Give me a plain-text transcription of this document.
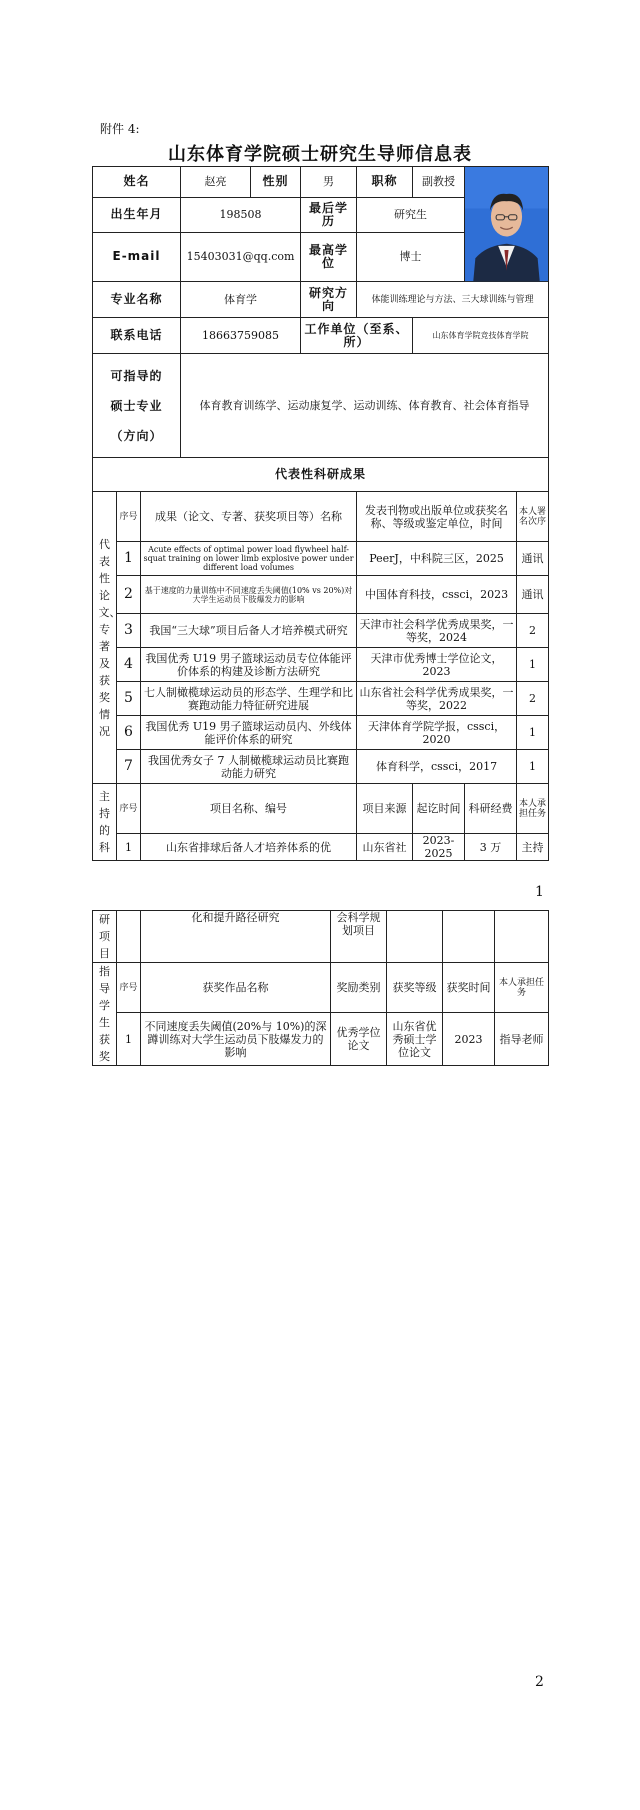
附件 4:
山东体育学院硕士研究生导师信息表
姓名			赵亮	性别	男	职称	副教授	

出生年月			198508		最后学历	研究生			
E-mail			15403031@qq.com		最高学位	博士			
专业名称			体育学		研究方向	体能训练理论与方法、三大球训练与管理			
联系电话			18663759085		工作单位（至系、所）		山东体育学院竞技体育学院		

可指导的
硕士专业
（方向）			体育教育训练学、运动康复学、运动训练、体育教育、社会体育指导						
代表性科研成果									

代表性论文、专著及获奖情况	序号	成果（论文、专著、获奖项目等）名称				发表刊物或出版单位或获奖名称、等级或鉴定单位，时间			本人署名次序
	1	Acute effects of optimal power load flywheel half-squat training on lower limb explosive power under different load volumes				PeerJ，中科院三区，2025			通讯
	2	基于速度的力量训练中不同速度丢失阈值(10% vs 20%)对大学生运动员下肢爆发力的影响				中国体育科技，cssci，2023			通讯
	3	我国“三大球”项目后备人才培养模式研究				天津市社会科学优秀成果奖，一等奖，2024			2
	4	我国优秀 U19 男子篮球运动员专位体能评价体系的构建及诊断方法研究				天津市优秀博士学位论文，2023			1
	5	七人制橄榄球运动员的形态学、生理学和比赛跑动能力特征研究进展				山东省社会科学优秀成果奖，一等奖，2022			2
	6	我国优秀 U19 男子篮球运动员内、外线体能评价体系的研究				天津体育学院学报，cssci，2020			1
	7	我国优秀女子 7 人制橄榄球运动员比赛跑动能力研究				体育科学，cssci，2017			1

主持的科	序号	项目名称、编号				项目来源	起讫时间	科研经费	本人承担任务
	1	山东省排球后备人才培养体系的优				山东省社	2023-2025	3 万	主持
1
研项目		化和提升路径研究	会科学规划项目			

指导学生获奖	序号	获奖作品名称	奖励类别	获奖等级	获奖时间	本人承担任务
	1	不同速度丢失阈值(20%与 10%)的深蹲训练对大学生运动员下肢爆发力的影响	优秀学位论文	山东省优秀硕士学位论文	2023	指导老师
2
